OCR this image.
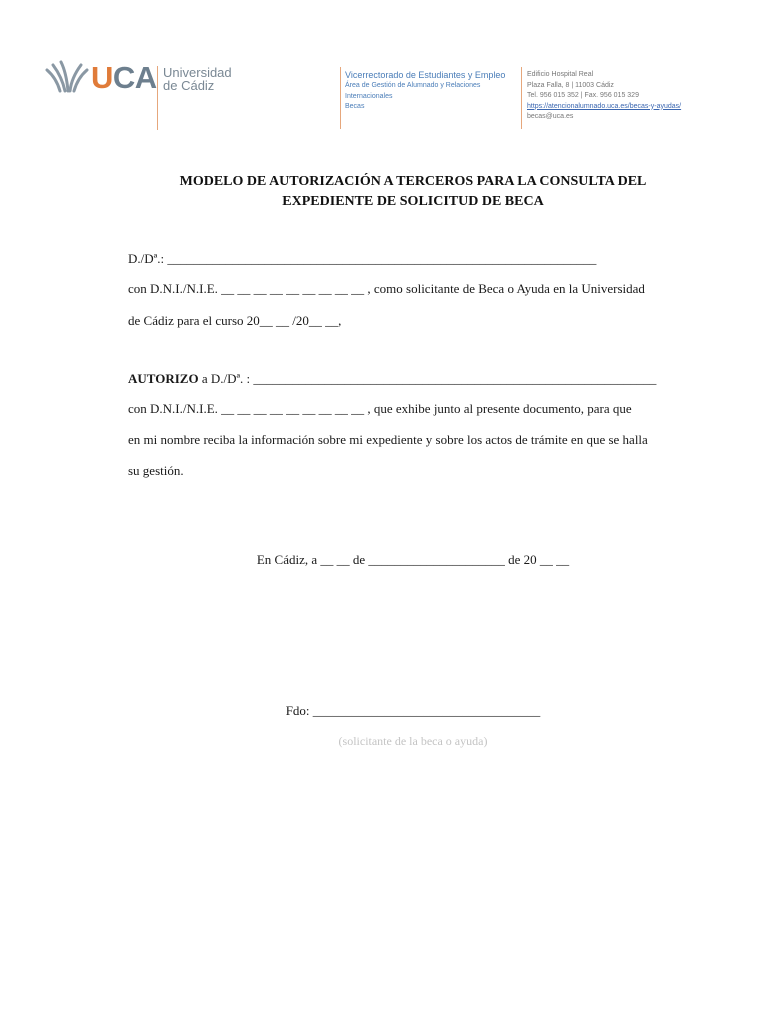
UCA Universidad
de Cádiz
Vicerrectorado de Estudiantes y Empleo
Área de Gestión de Alumnado y Relaciones
Internacionales
Becas
Edificio Hospital Real
Plaza Falla, 8 | 11003 Cádiz
Tel. 956 015 352 | Fax. 956 015 329
https://atencionalumnado.uca.es/becas-y-ayudas/
becas@uca.es
MODELO DE AUTORIZACIÓN A TERCEROS PARA LA CONSULTA DEL
EXPEDIENTE DE SOLICITUD DE BECA
D./Dª.: __________________________________________________________________
con D.N.I./N.I.E. __ __ __ __ __ __ __ __ __ , como solicitante de Beca o Ayuda en la Universidad
de Cádiz para el curso 20__ __ /20__ __,
AUTORIZO a D./Dª. : ______________________________________________________________
con D.N.I./N.I.E. __ __ __ __ __ __ __ __ __ , que exhibe junto al presente documento, para que
en mi nombre reciba la información sobre mi expediente y sobre los actos de trámite en que se halla
su gestión.
En Cádiz, a __ __ de _____________________ de 20 __ __
Fdo: ___________________________________
(solicitante de la beca o ayuda)
